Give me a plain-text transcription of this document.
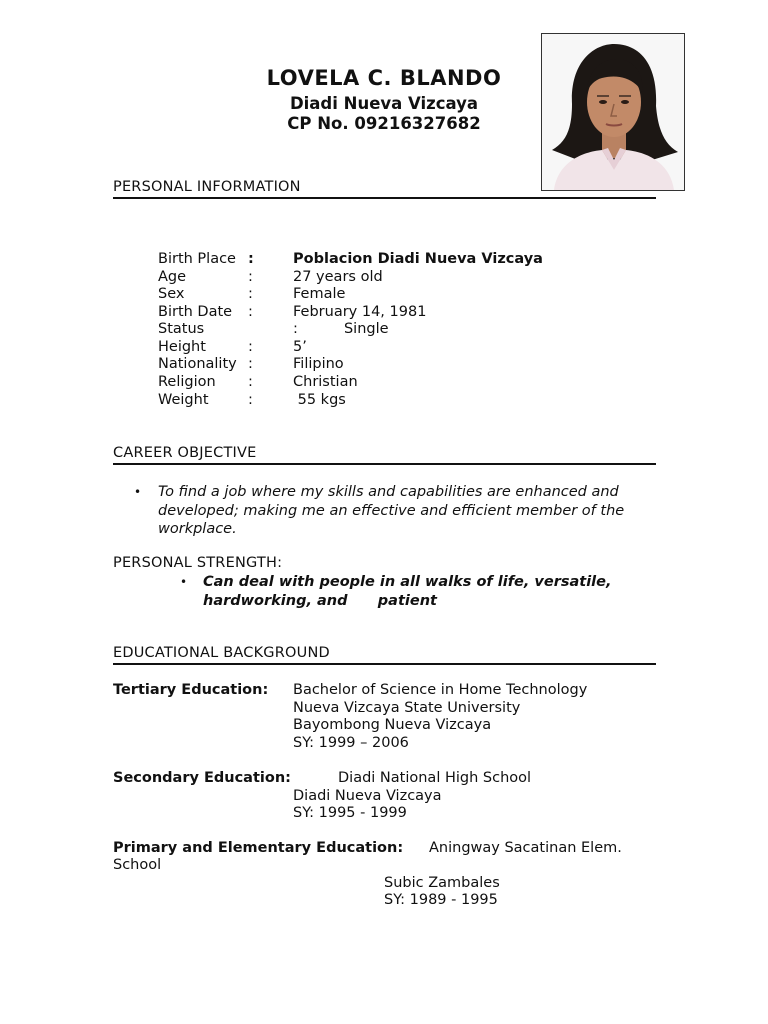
LOVELA C. BLANDO
Diadi Nueva Vizcaya
CP No. 09216327682
PERSONAL INFORMATION
Birth Place :	Poblacion Diadi Nueva Vizcaya
Age	:	27 years old
Sex	:	Female
Birth Date :	February 14, 1981
Status	:          Single
Height	:	5’
Nationality :	Filipino
Religion :	Christian
Weight	:	55 kgs
CAREER OBJECTIVE
• To find a job where my skills and capabilities are enhanced and
developed; making me an effective and efficient member of the
workplace.
PERSONAL STRENGTH:
• Can deal with people in all walks of life, versatile,
hardworking, and      patient
EDUCATIONAL BACKGROUND
Tertiary Education: Bachelor of Science in Home Technology
Nueva Vizcaya State University
Bayombong Nueva Vizcaya
SY: 1999 – 2006
Secondary Education:	Diadi National High School
Diadi Nueva Vizcaya
SY: 1995 - 1999
Primary and Elementary Education: Aningway Sacatinan Elem.
School
Subic Zambales
SY: 1989 - 1995
